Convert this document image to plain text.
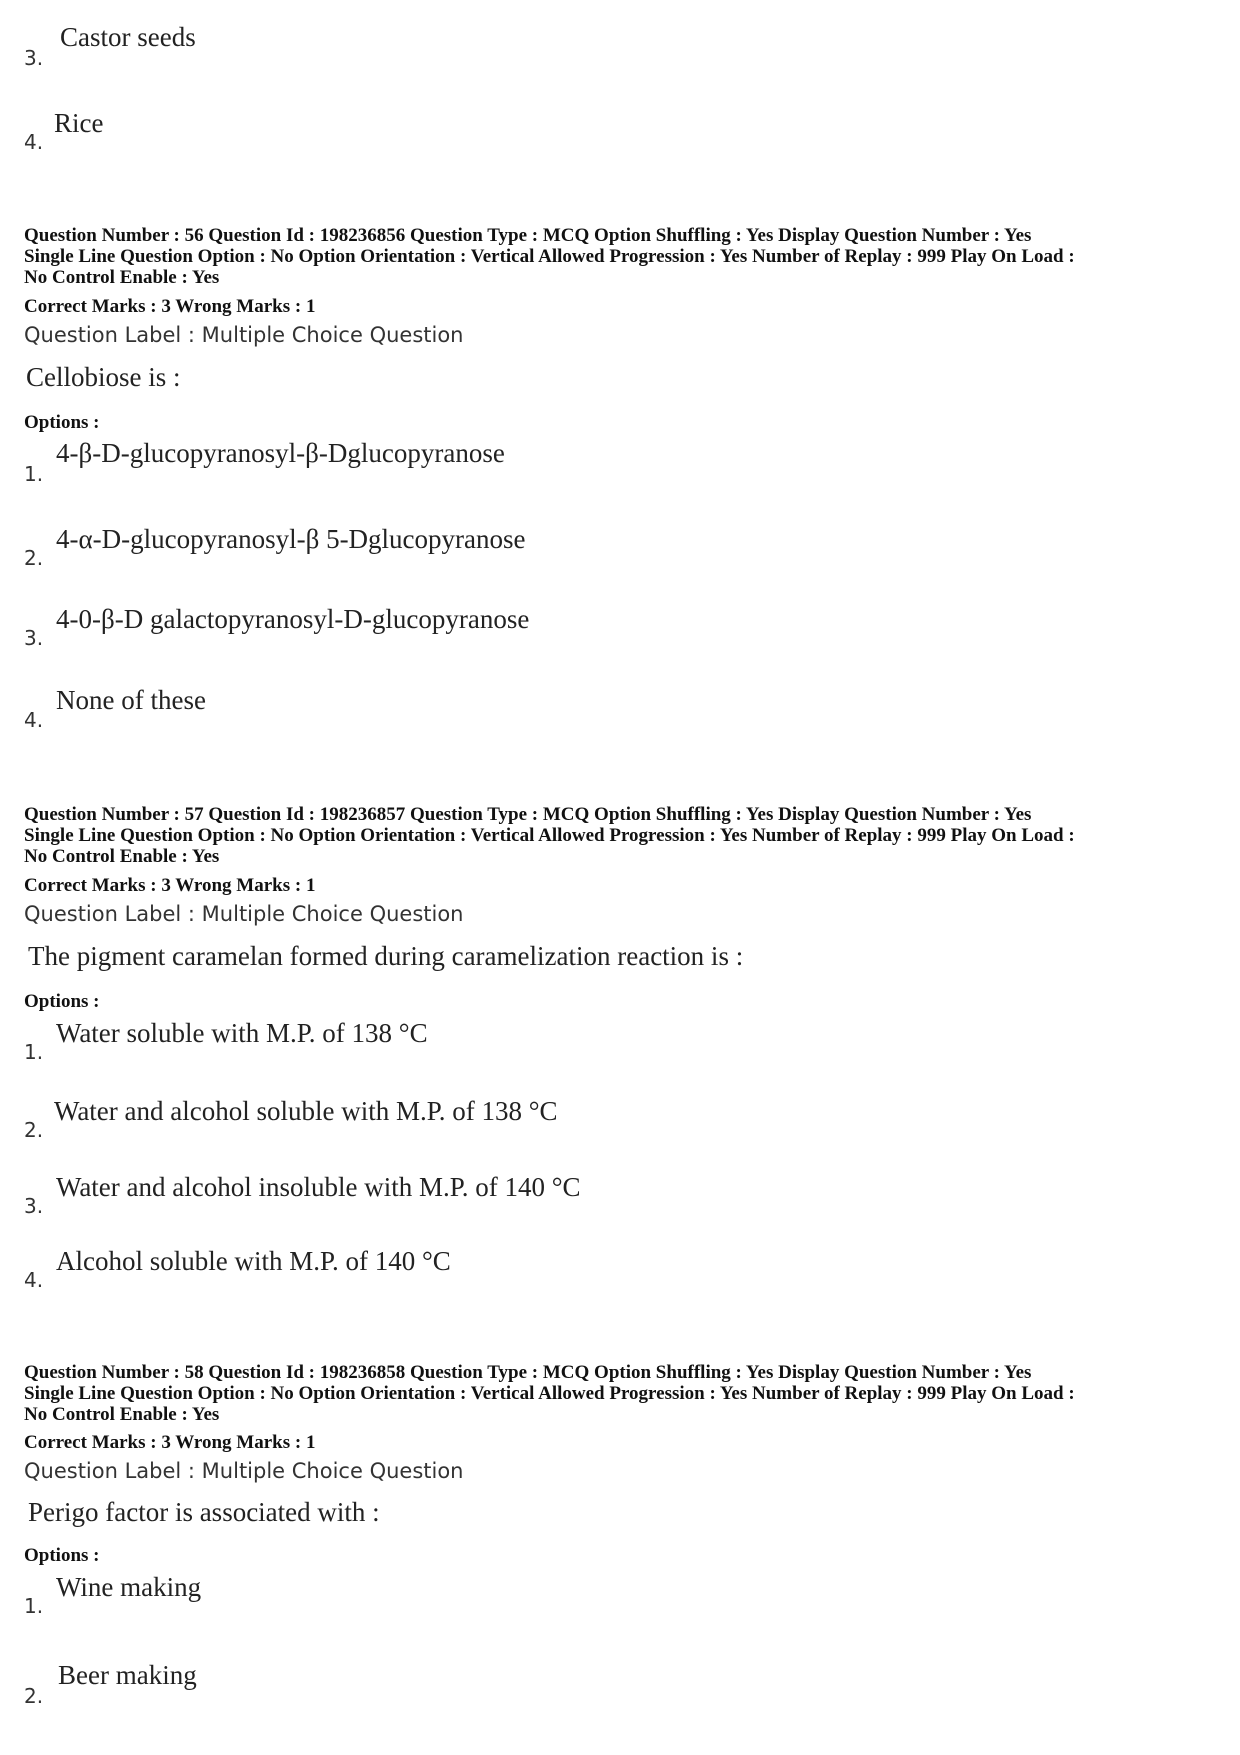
3.
Castor seeds
4.
Rice
Question Number : 56 Question Id : 198236856 Question Type : MCQ Option Shuffling : Yes Display Question Number : Yes
Single Line Question Option : No Option Orientation : Vertical Allowed Progression : Yes Number of Replay : 999 Play On Load :
No Control Enable : Yes
Correct Marks : 3 Wrong Marks : 1
Question Label : Multiple Choice Question
Cellobiose is :
Options :
1.
4-β-D-glucopyranosyl-β-Dglucopyranose
2.
4-α-D-glucopyranosyl-β 5-Dglucopyranose
3.
4-0-β-D galactopyranosyl-D-glucopyranose
4.
None of these
Question Number : 57 Question Id : 198236857 Question Type : MCQ Option Shuffling : Yes Display Question Number : Yes
Single Line Question Option : No Option Orientation : Vertical Allowed Progression : Yes Number of Replay : 999 Play On Load :
No Control Enable : Yes
Correct Marks : 3 Wrong Marks : 1
Question Label : Multiple Choice Question
The pigment caramelan formed during caramelization reaction is :
Options :
1.
Water soluble with M.P. of 138 °C
2.
Water and alcohol soluble with M.P. of 138 °C
3.
Water and alcohol insoluble with M.P. of 140 °C
4.
Alcohol soluble with M.P. of 140 °C
Question Number : 58 Question Id : 198236858 Question Type : MCQ Option Shuffling : Yes Display Question Number : Yes
Single Line Question Option : No Option Orientation : Vertical Allowed Progression : Yes Number of Replay : 999 Play On Load :
No Control Enable : Yes
Correct Marks : 3 Wrong Marks : 1
Question Label : Multiple Choice Question
Perigo factor is associated with :
Options :
1.
Wine making
2.
Beer making
